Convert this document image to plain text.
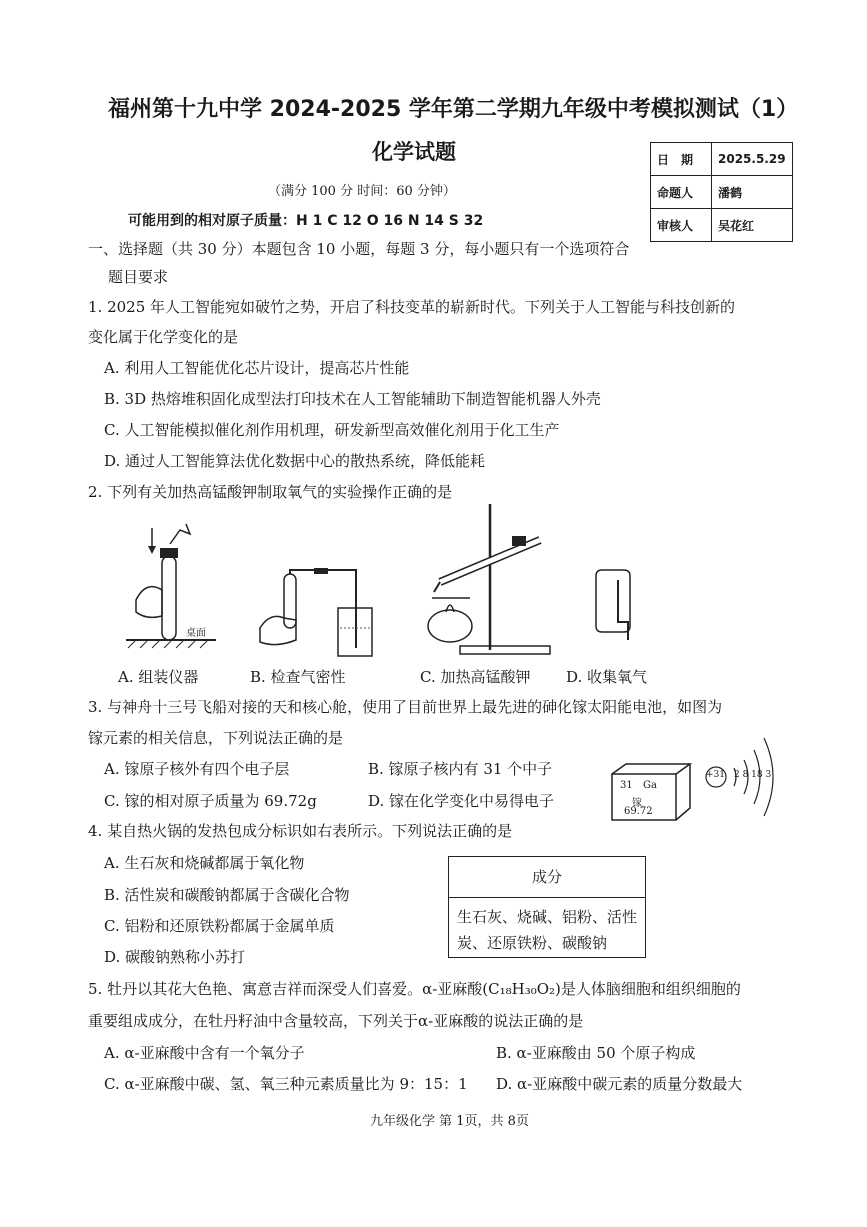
福州第十九中学 2024-2025 学年第二学期九年级中考模拟测试（1）
化学试题
（满分 100 分 时间：60 分钟）
可能用到的相对原子质量：H 1 C 12 O 16 N 14 S 32
日　期	2025.5.29
命题人	潘鹤
审核人	吴花红
一、选择题（共 30 分）本题包含 10 小题，每题 3 分，每小题只有一个选项符合
题目要求
1. 2025 年人工智能宛如破竹之势，开启了科技变革的崭新时代。下列关于人工智能与科技创新的
变化属于化学变化的是
A. 利用人工智能优化芯片设计，提高芯片性能
B. 3D 热熔堆积固化成型法打印技术在人工智能辅助下制造智能机器人外壳
C. 人工智能模拟催化剂作用机理，研发新型高效催化剂用于化工生产
D. 通过人工智能算法优化数据中心的散热系统，降低能耗
2. 下列有关加热高锰酸钾制取氧气的实验操作正确的是
桌面
A. 组装仪器	B. 检查气密性	C. 加热高锰酸钾 D. 收集氧气
3. 与神舟十三号飞船对接的天和核心舱，使用了目前世界上最先进的砷化镓太阳能电池，如图为
镓元素的相关信息，下列说法正确的是
A. 镓原子核外有四个电子层	B. 镓原子核内有 31 个中子
C. 镓的相对原子质量为 69.72g	D. 镓在化学变化中易得电子
31 Ga
镓
69.72
+31 2 8 18 3
4. 某自热火锅的发热包成分标识如右表所示。下列说法正确的是
A. 生石灰和烧碱都属于氧化物
B. 活性炭和碳酸钠都属于含碳化合物
C. 铝粉和还原铁粉都属于金属单质
D. 碳酸钠熟称小苏打
成分
生石灰、烧碱、铝粉、活性炭、还原铁粉、碳酸钠
5. 牡丹以其花大色艳、寓意吉祥而深受人们喜爱。α-亚麻酸(C₁₈H₃₀O₂)是人体脑细胞和组织细胞的
重要组成成分，在牡丹籽油中含量较高，下列关于α-亚麻酸的说法正确的是
A. α-亚麻酸中含有一个氧分子	B. α-亚麻酸由 50 个原子构成
C. α-亚麻酸中碳、氢、氧三种元素质量比为 9：15：1 D. α-亚麻酸中碳元素的质量分数最大
九年级化学 第 1页，共 8页
